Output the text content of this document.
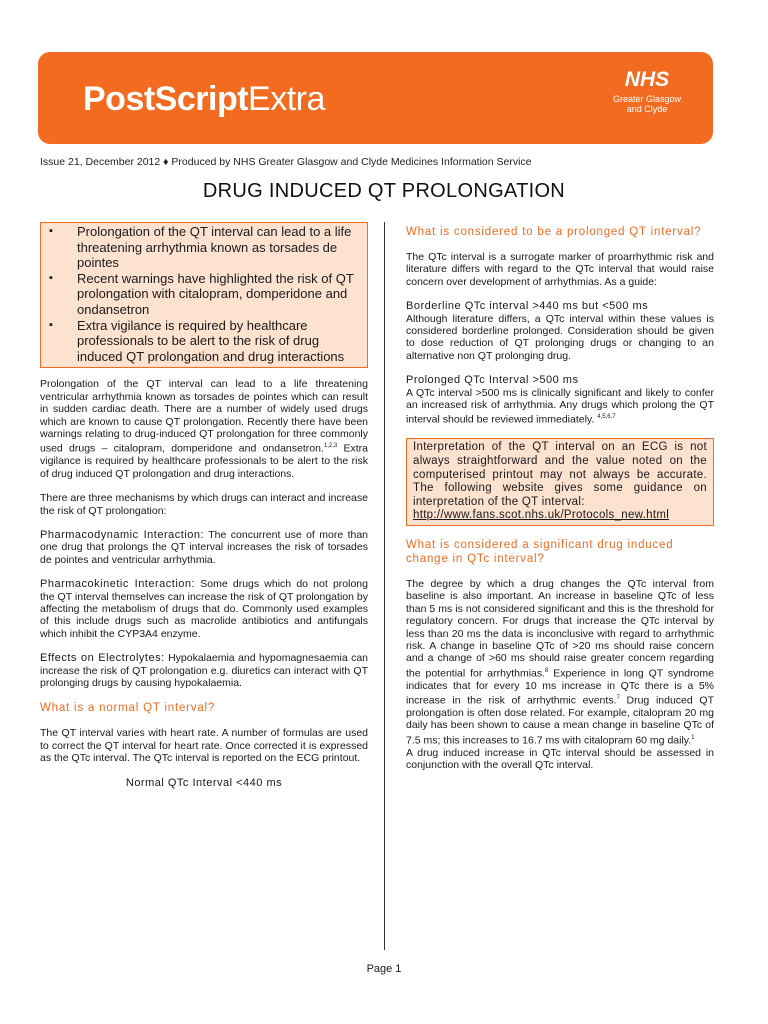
PostScriptExtra
NHS
Greater Glasgow
and Clyde
Issue 21, December 2012 ♦ Produced by NHS Greater Glasgow and Clyde Medicines Information Service
DRUG INDUCED QT PROLONGATION
▪ Prolongation of the QT interval can lead to a life threatening arrhythmia known as torsades de pointes
▪ Recent warnings have highlighted the risk of QT prolongation with citalopram, domperidone and ondansetron
▪ Extra vigilance is required by healthcare professionals to be alert to the risk of drug induced QT prolongation and drug interactions

Prolongation of the QT interval can lead to a life threatening ventricular arrhythmia known as torsades de pointes which can result in sudden cardiac death. There are a number of widely used drugs which are known to cause QT prolongation. Recently there have been warnings relating to drug-induced QT prolongation for three commonly used drugs – citalopram, domperidone and ondansetron.$^{1,2,3}$ Extra vigilance is required by healthcare professionals to be alert to the risk of drug induced QT prolongation and drug interactions.

There are three mechanisms by which drugs can interact and increase the risk of QT prolongation:

Pharmacodynamic Interaction: The concurrent use of more than one drug that prolongs the QT interval increases the risk of torsades de pointes and ventricular arrhythmia.

Pharmacokinetic Interaction: Some drugs which do not prolong the QT interval themselves can increase the risk of QT prolongation by affecting the metabolism of drugs that do. Commonly used examples of this include drugs such as macrolide antibiotics and antifungals which inhibit the CYP3A4 enzyme.

Effects on Electrolytes: Hypokalaemia and hypomagnesaemia can increase the risk of QT prolongation e.g. diuretics can interact with QT prolonging drugs by causing hypokalaemia.

What is a normal QT interval?

The QT interval varies with heart rate. A number of formulas are used to correct the QT interval for heart rate. Once corrected it is expressed as the QTc interval. The QTc interval is reported on the ECG printout.

Normal QTc Interval <440 ms

What is considered to be a prolonged QT interval?

The QTc interval is a surrogate marker of proarrhythmic risk and literature differs with regard to the QTc interval that would raise concern over development of arrhythmias. As a guide:

Borderline QTc interval >440 ms but <500 ms

Although literature differs, a QTc interval within these values is considered borderline prolonged. Consideration should be given to dose reduction of QT prolonging drugs or changing to an alternative non QT prolonging drug.

Prolonged QTc Interval >500 ms

A QTc interval >500 ms is clinically significant and likely to confer an increased risk of arrhythmia. Any drugs which prolong the QT interval should be reviewed immediately. $^{4,5,6,7}$

Interpretation of the QT interval on an ECG is not always straightforward and the value noted on the computerised printout may not always be accurate. The following website gives some guidance on interpretation of the QT interval:
http://www.fans.scot.nhs.uk/Protocols_new.html
What is considered a significant drug induced change in QTc interval?

The degree by which a drug changes the QTc interval from baseline is also important. An increase in baseline QTc of less than 5 ms is not considered significant and this is the threshold for regulatory concern. For drugs that increase the QTc interval by less than 20 ms the data is inconclusive with regard to arrhythmic risk. A change in baseline QTc of >20 ms should raise concern and a change of >60 ms should raise greater concern regarding the potential for arrhythmias.$^8$ Experience in long QT syndrome indicates that for every 10 ms increase in QTc there is a 5% increase in the risk of arrhythmic events.$^7$ Drug induced QT prolongation is often dose related. For example, citalopram 20 mg daily has been shown to cause a mean change in baseline QTc of 7.5 ms; this increases to 16.7 ms with citalopram 60 mg daily.$^1$

A drug induced increase in QTc interval should be assessed in conjunction with the overall QTc interval.

Page 1
